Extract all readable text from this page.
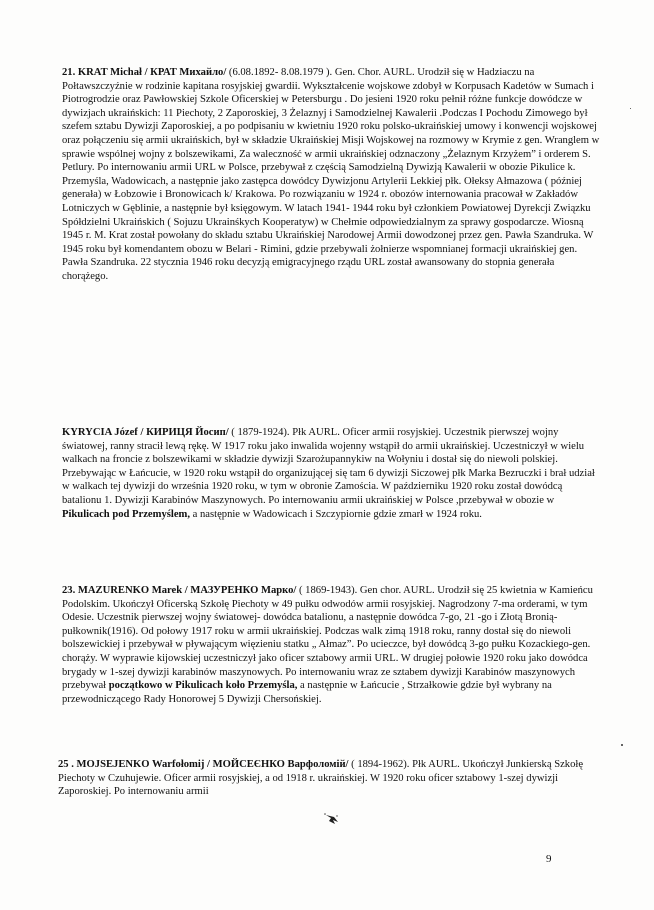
21. KRAT Michał / КРАТ Михайло/ (6.08.1892- 8.08.1979 ). Gen. Chor. AURL. Urodził się w Hadziaczu na Połtawszczyźnie w rodzinie kapitana rosyjskiej gwardii. Wykształcenie wojskowe zdobył w Korpusach Kadetów w Sumach i Piotrogrodzie oraz Pawłowskiej Szkole Oficerskiej w Petersburgu . Do jesieni 1920 roku pełnił różne funkcje dowódcze w dywizjach ukraińskich: 11 Piechoty, 2 Zaporoskiej, 3 Żelaznyj i Samodzielnej Kawalerii .Podczas I Pochodu Zimowego był szefem sztabu Dywizji Zaporoskiej, a po podpisaniu w kwietniu 1920 roku polsko-ukraińskiej umowy i konwencji wojskowej oraz połączeniu się armii ukraińskich, był w składzie Ukraińskiej Misji Wojskowej na rozmowy w Krymie z gen. Wranglem w sprawie wspólnej wojny z bolszewikami, Za waleczność w armii ukraińskiej odznaczony „Żelaznym Krzyżem” i orderem S. Petlury. Po internowaniu armii URL w Polsce, przebywał z częścią Samodzielną Dywizją Kawalerii w obozie Pikulice k. Przemyśla, Wadowicach, a następnie jako zastępca dowódcy Dywizjonu Artylerii Lekkiej płk. Ołeksy Ałmazowa ( później generała) w Łobzowie i Bronowicach k/ Krakowa. Po rozwiązaniu w 1924 r. obozów internowania pracował w Zakładów Lotniczych w Gęblinie, a następnie był księgowym. W latach 1941- 1944 roku był członkiem Powiatowej Dyrekcji Związku Spółdzielni Ukraińskich ( Sojuzu Ukrainśkych Kooperatyw) w Chełmie odpowiedzialnym za sprawy gospodarcze. Wiosną 1945 r. M. Krat został powołany do składu sztabu Ukraińskiej Narodowej Armii dowodzonej przez gen. Pawła Szandruka. W 1945 roku był komendantem obozu w Belari - Rimini, gdzie przebywali żołnierze wspomnianej formacji ukraińskiej gen. Pawła Szandruka. 22 stycznia 1946 roku decyzją emigracyjnego rządu URL został awansowany do stopnia generała chorążego.

KYRYCIA Józef / КИРИЦЯ Йосип/ ( 1879-1924). Płk AURL. Oficer armii rosyjskiej. Uczestnik pierwszej wojny światowej, ranny stracił lewą rękę. W 1917 roku jako inwalida wojenny wstąpił do armii ukraińskiej. Uczestniczył w wielu walkach na froncie z bolszewikami w składzie dywizji Szarożupannykiw na Wołyniu i dostał się do niewoli polskiej. Przebywając w Łańcucie, w 1920 roku wstąpił do organizującej się tam 6 dywizji Siczowej płk Marka Bezruczki i brał udział w walkach tej dywizji do września 1920 roku, w tym w obronie Zamościa. W październiku 1920 roku został dowódcą batalionu 1. Dywizji Karabinów Maszynowych. Po internowaniu armii ukraińskiej w Polsce ,przebywał w obozie w Pikulicach pod Przemyślem, a następnie w Wadowicach i Szczypiornie gdzie zmarł w 1924 roku.

23. MAZURENKO Marek / МАЗУРЕНКО Марко/ ( 1869-1943). Gen chor. AURL. Urodził się 25 kwietnia w Kamieńcu Podolskim. Ukończył Oficerską Szkołę Piechoty w 49 pułku odwodów armii rosyjskiej. Nagrodzony 7-ma orderami, w tym Odesie. Uczestnik pierwszej wojny światowej- dowódca batalionu, a następnie dowódca 7-go, 21 -go i Złotą Bronią-pułkownik(1916). Od połowy 1917 roku w armii ukraińskiej. Podczas walk zimą 1918 roku, ranny dostał się do niewoli bolszewickiej i przebywał w pływającym więzieniu statku „ Ałmaz”. Po ucieczce, był dowódcą 3-go pułku Kozackiego-gen. chorąży. W wyprawie kijowskiej uczestniczył jako oficer sztabowy armii URL. W drugiej połowie 1920 roku jako dowódca brygady w 1-szej dywizji karabinów maszynowych. Po internowaniu wraz ze sztabem dywizji Karabinów maszynowych przebywał początkowo w Pikulicach koło Przemyśla, a następnie w Łańcucie , Strzałkowie gdzie był wybrany na przewodniczącego Rady Honorowej 5 Dywizji Chersońskiej.

25 . MOJSEJENKO Warfołomij / МОЙСЕЄНКО Варфоломій/ ( 1894-1962). Płk AURL. Ukończył Junkierską Szkołę Piechoty w Czuhujewie. Oficer armii rosyjskiej, a od 1918 r. ukraińskiej. W 1920 roku oficer sztabowy 1-szej dywizji Zaporoskiej. Po internowaniu armii

9
